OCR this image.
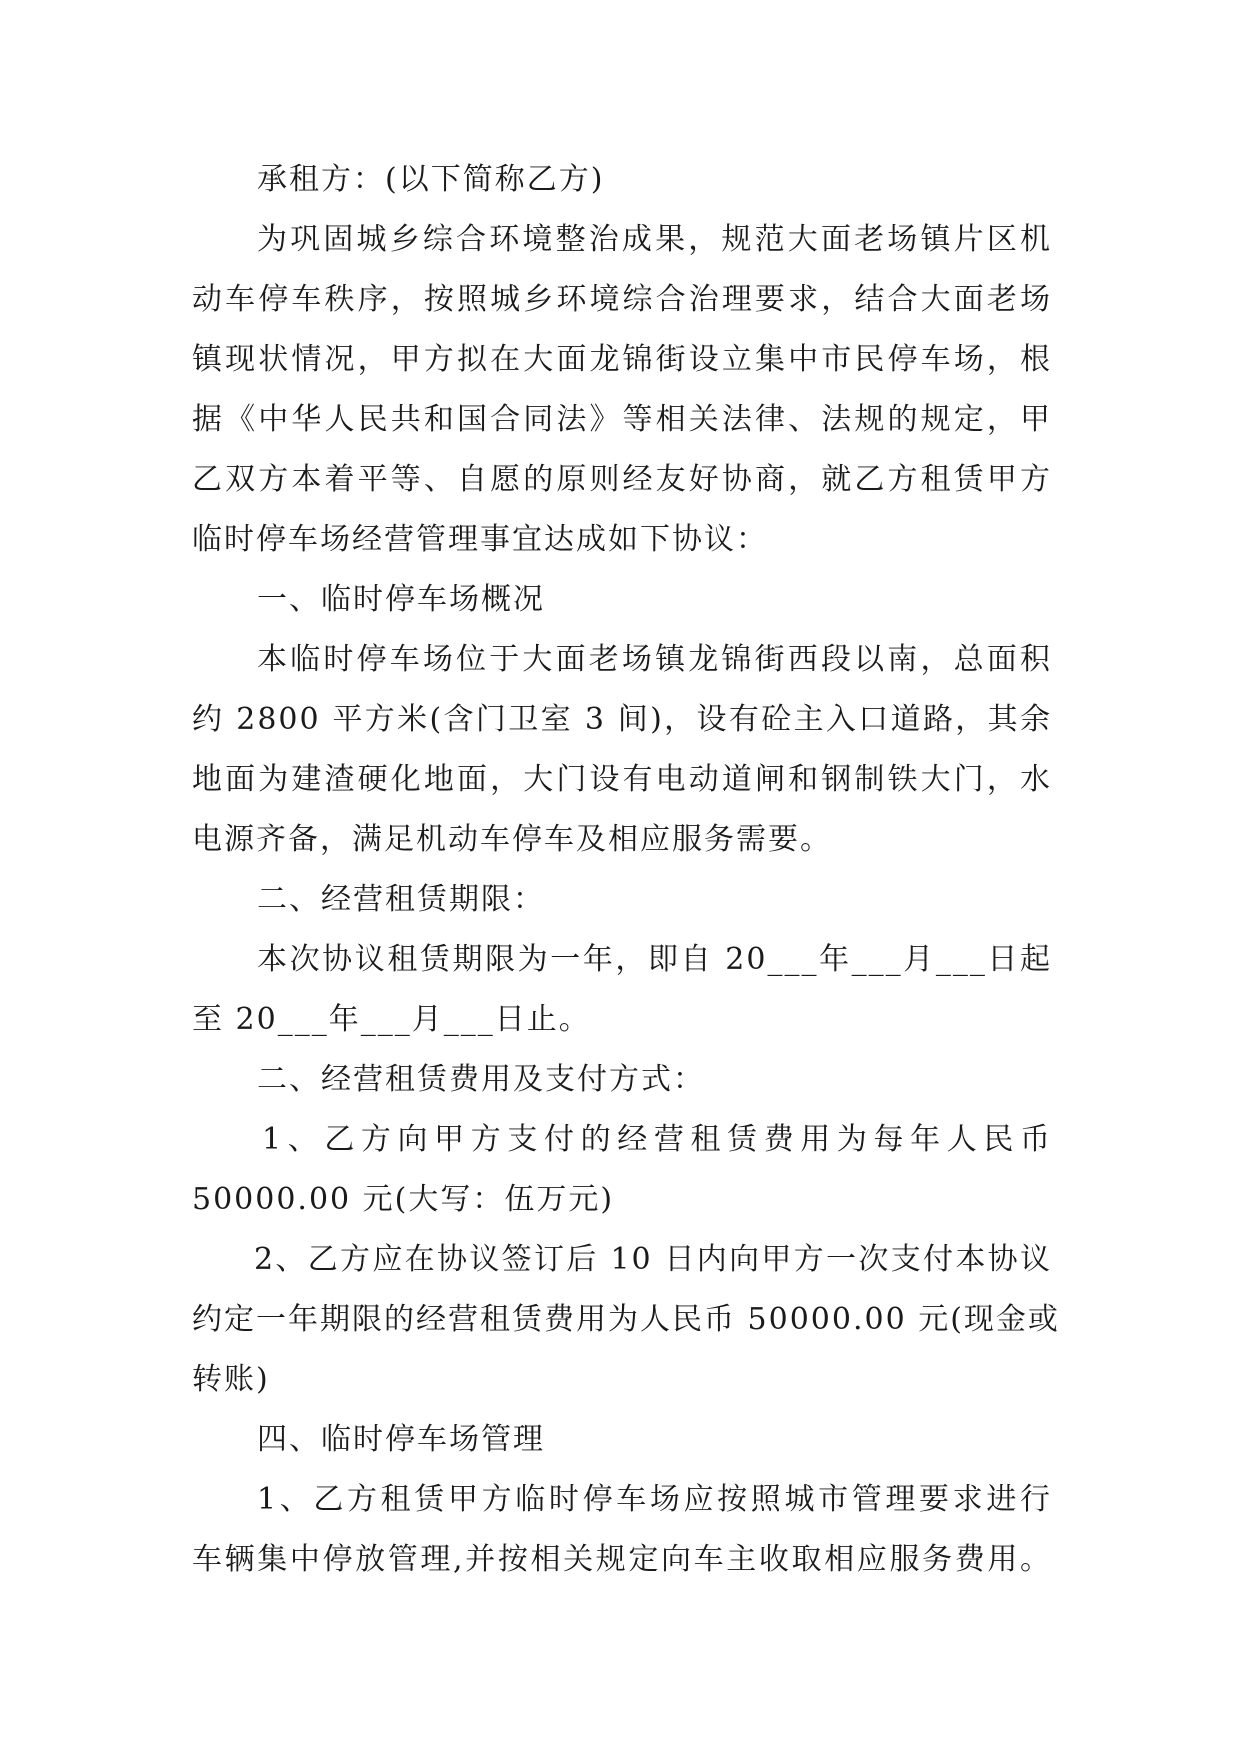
承租方：(以下简称乙方)
为巩固城乡综合环境整治成果，规范大面老场镇片区机
动车停车秩序，按照城乡环境综合治理要求，结合大面老场
镇现状情况，甲方拟在大面龙锦街设立集中市民停车场，根
据《中华人民共和国合同法》等相关法律、法规的规定，甲
乙双方本着平等、自愿的原则经友好协商，就乙方租赁甲方
临时停车场经营管理事宜达成如下协议：
一、临时停车场概况
本临时停车场位于大面老场镇龙锦街西段以南，总面积
约 2800 平方米(含门卫室 3 间)，设有砼主入口道路，其余
地面为建渣硬化地面，大门设有电动道闸和钢制铁大门，水
电源齐备，满足机动车停车及相应服务需要。
二、经营租赁期限：
本次协议租赁期限为一年，即自 20___年___月___日起
至 20___年___月___日止。
二、经营租赁费用及支付方式：
1、乙方向甲方支付的经营租赁费用为每年人民币
50000.00 元(大写：伍万元)
2、乙方应在协议签订后 10 日内向甲方一次支付本协议
约定一年期限的经营租赁费用为人民币 50000.00 元(现金或
转账)
四、临时停车场管理
1、乙方租赁甲方临时停车场应按照城市管理要求进行
车辆集中停放管理,并按相关规定向车主收取相应服务费用。
